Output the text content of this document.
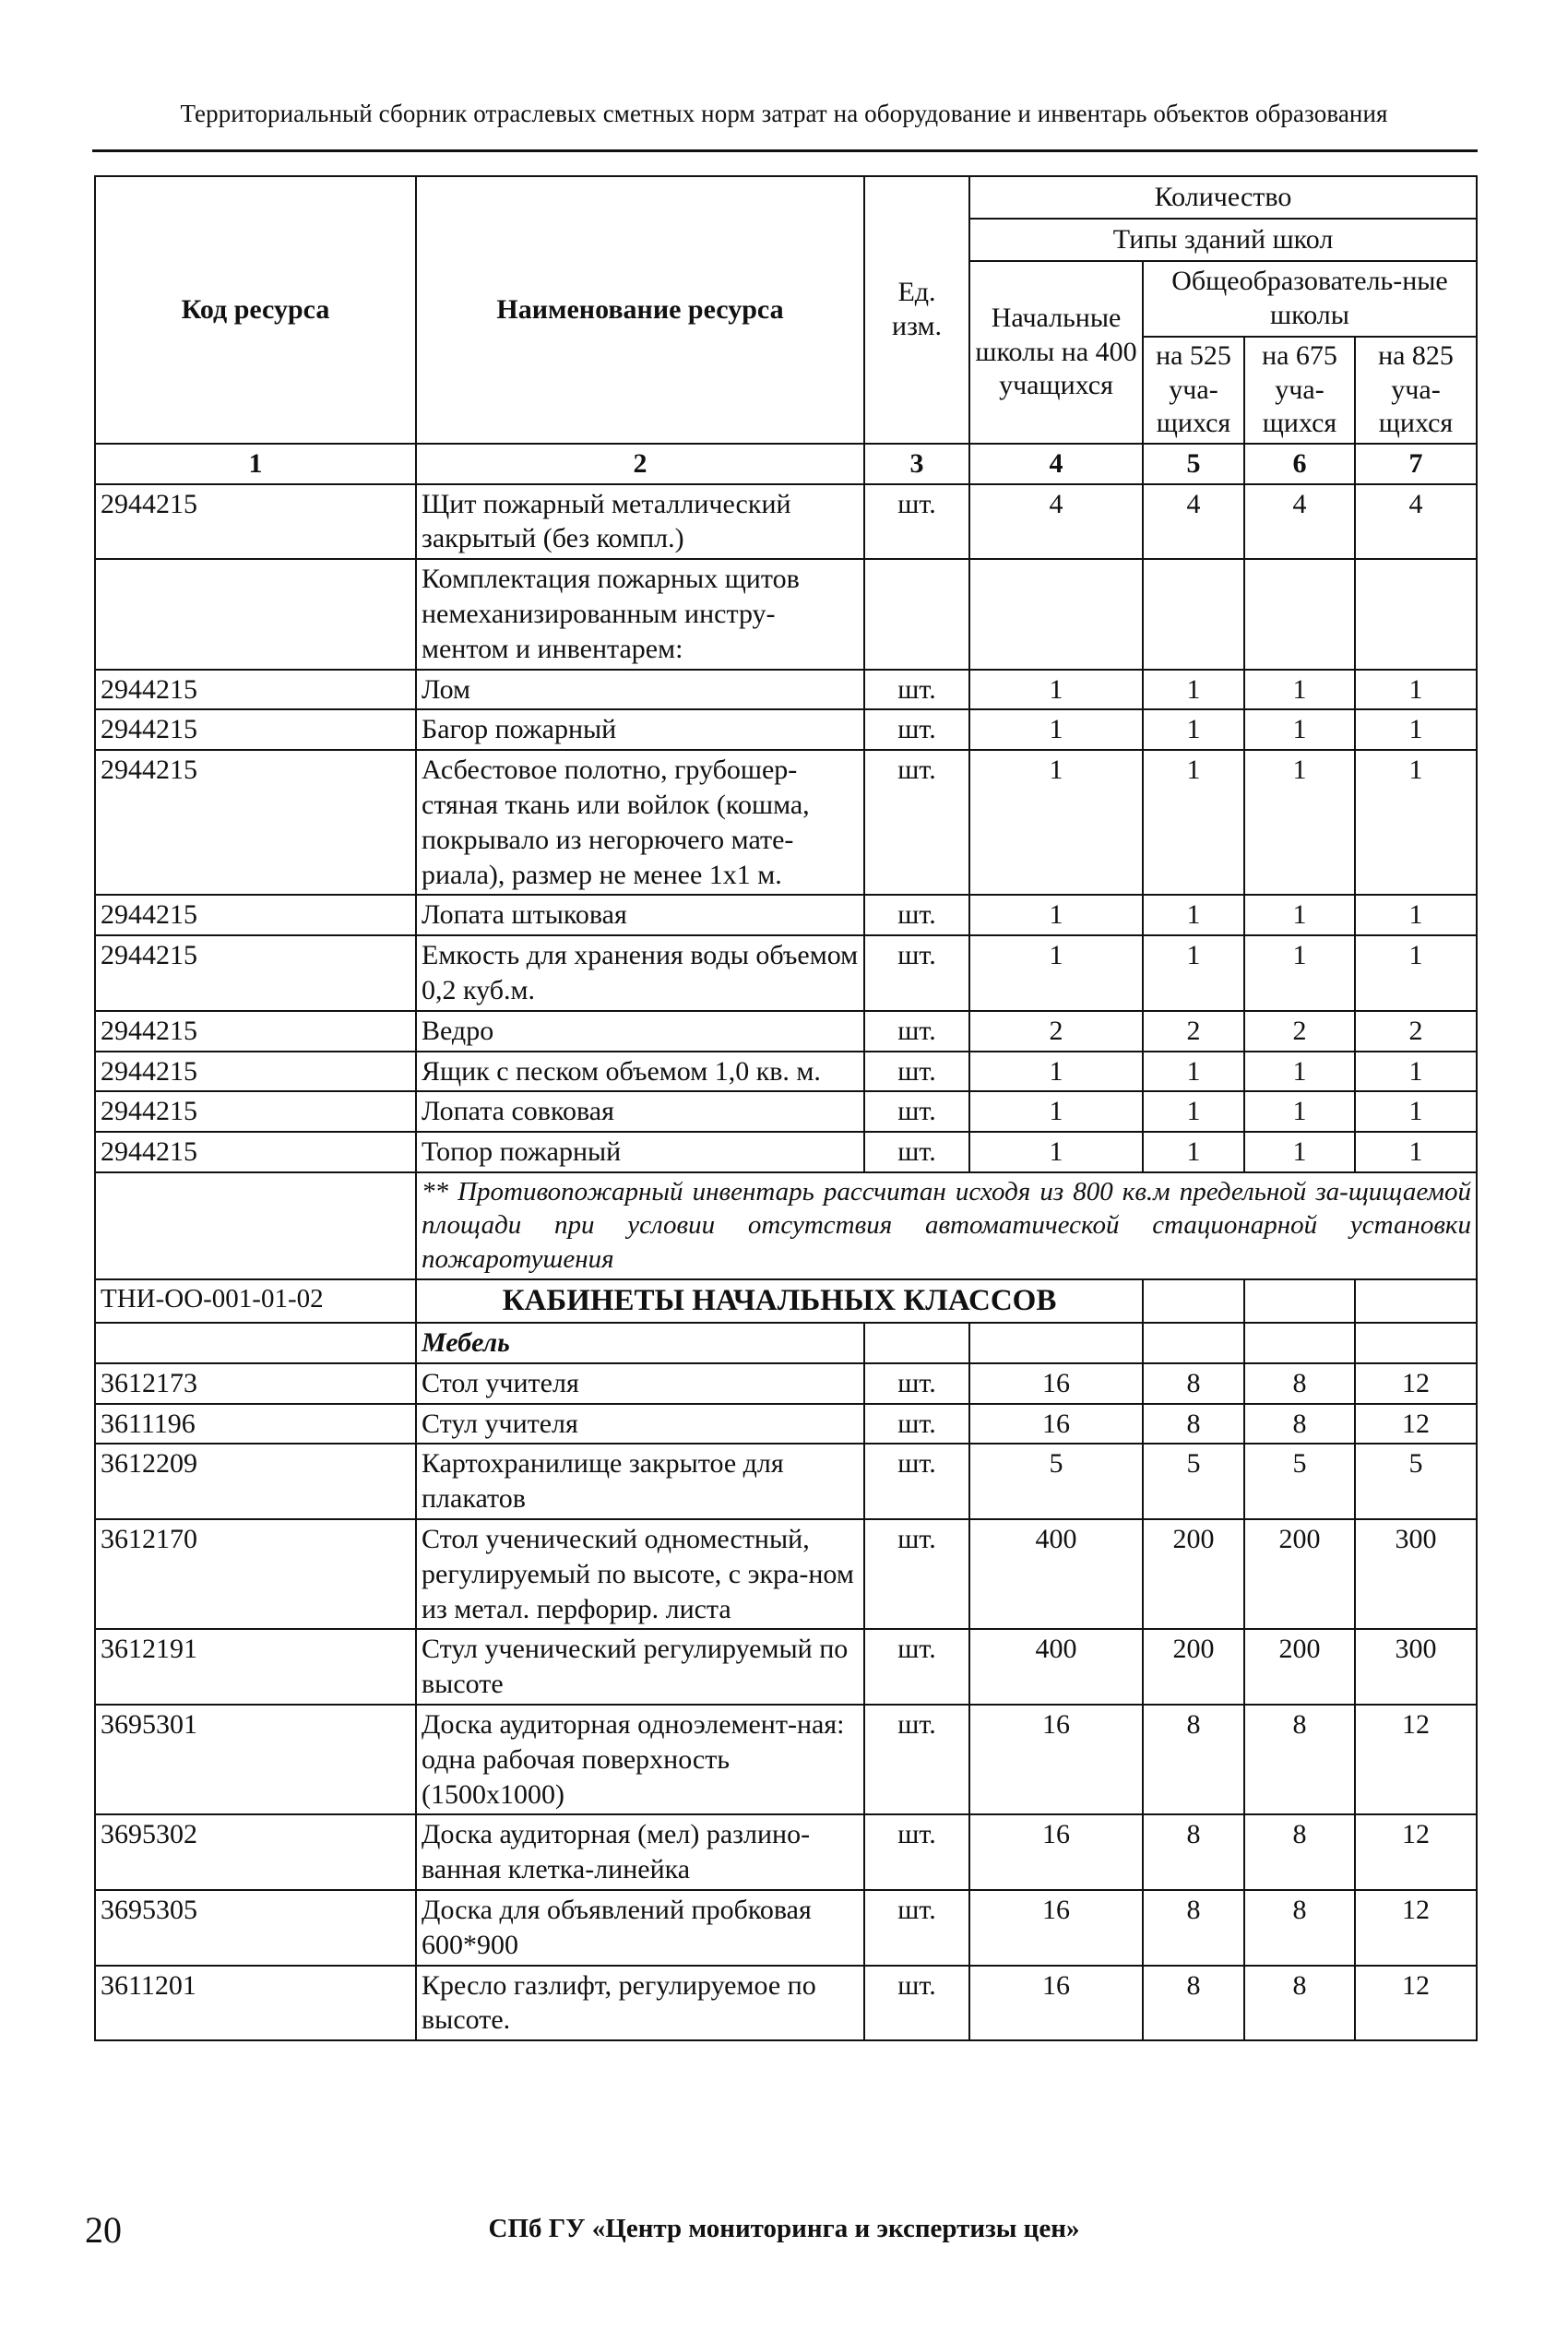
Территориальный сборник отраслевых сметных норм затрат на оборудование и инвентарь объектов образования
Код ресурса	Наименование ресурса	Ед. изм.	Количество			
			Типы зданий школ			
			Начальные школы на 400 учащихся	Общеобразователь-ные школы		
				на 525 уча-щихся	на 675 уча-щихся	на 825 уча-щихся
1	2	3	4	5	6	7
2944215	Щит пожарный металлический закрытый (без компл.)	шт.	4	4	4	4
	Комплектация пожарных щитов немеханизированным инстру-ментом и инвентарем:					
2944215	Лом	шт.	1	1	1	1
2944215	Багор пожарный	шт.	1	1	1	1
2944215	Асбестовое полотно, грубошер-стяная ткань или войлок (кошма, покрывало из негорючего мате-риала), размер не менее 1x1 м.	шт.	1	1	1	1
2944215	Лопата штыковая	шт.	1	1	1	1
2944215	Емкость для хранения воды объемом 0,2 куб.м.	шт.	1	1	1	1
2944215	Ведро	шт.	2	2	2	2
2944215	Ящик с песком объемом 1,0 кв. м.	шт.	1	1	1	1
2944215	Лопата совковая	шт.	1	1	1	1
2944215	Топор пожарный	шт.	1	1	1	1
	** Противопожарный инвентарь рассчитан исходя из 800 кв.м предельной за-щищаемой площади при условии отсутствия автоматической стационарной установки пожаротушения					
ТНИ-ОО-001-01-02	КАБИНЕТЫ НАЧАЛЬНЫХ КЛАССОВ					
	Мебель					
3612173	Стол учителя	шт.	16	8	8	12
3611196	Стул учителя	шт.	16	8	8	12
3612209	Картохранилище закрытое для плакатов	шт.	5	5	5	5
3612170	Стол ученический одноместный, регулируемый по высоте, с экра-ном из метал. перфорир. листа	шт.	400	200	200	300
3612191	Стул ученический регулируемый по высоте	шт.	400	200	200	300
3695301	Доска аудиторная одноэлемент-ная: одна рабочая поверхность (1500x1000)	шт.	16	8	8	12
3695302	Доска аудиторная (мел) разлино-ванная клетка-линейка	шт.	16	8	8	12
3695305	Доска для объявлений пробковая 600*900	шт.	16	8	8	12
3611201	Кресло газлифт, регулируемое по высоте.	шт.	16	8	8	12
20	СПб ГУ «Центр мониторинга и экспертизы цен»
